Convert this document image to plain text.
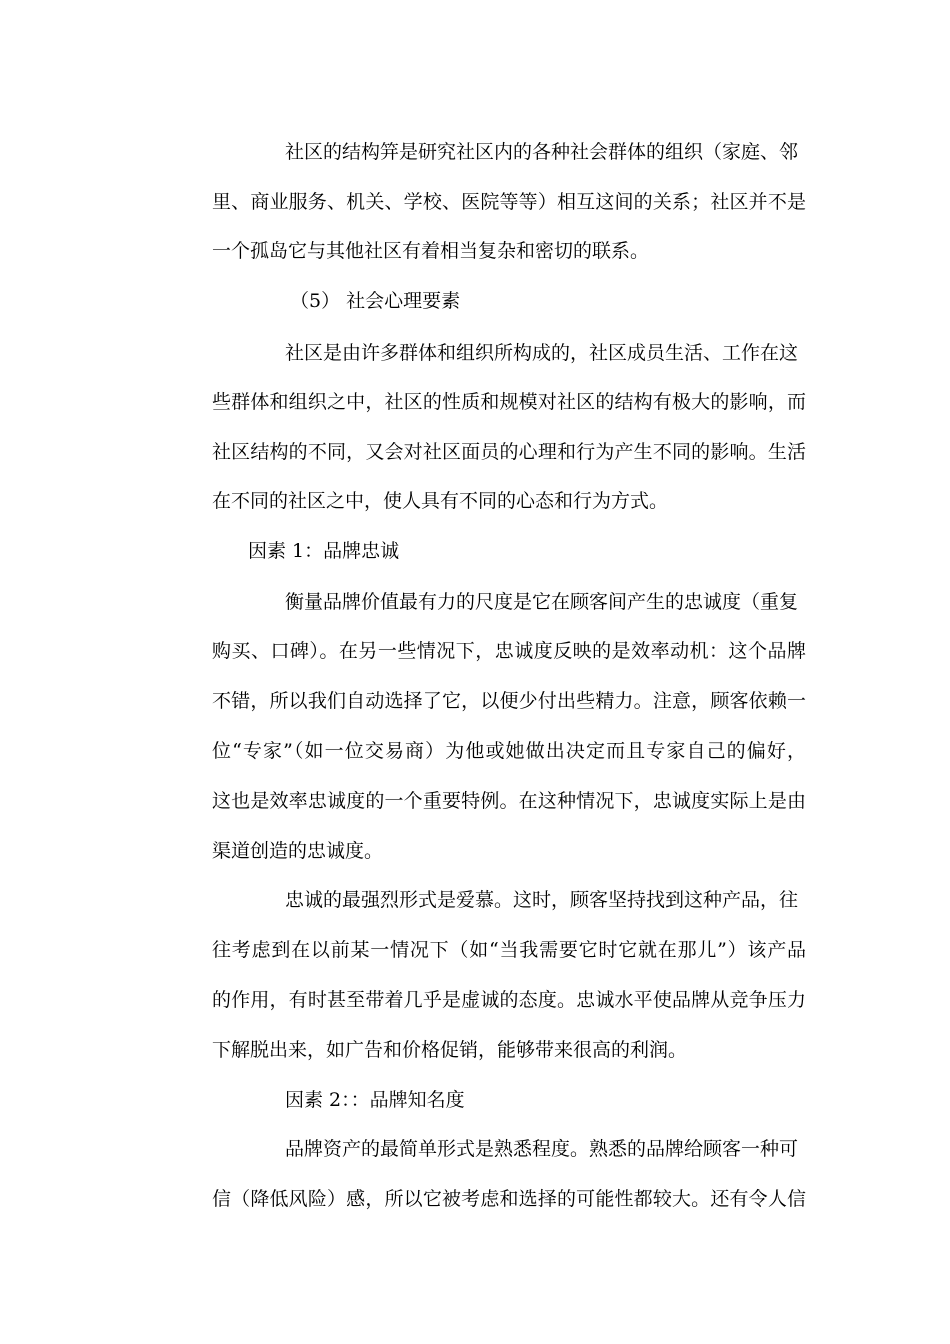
社区的结构笄是研究社区内的各种社会群体的组织（家庭、邻
里、商业服务、机关、学校、医院等等）相互这间的关系；社区并不是
一个孤岛它与其他社区有着相当复杂和密切的联系。
（5） 社会心理要素
社区是由许多群体和组织所构成的，社区成员生活、工作在这
些群体和组织之中，社区的性质和规模对社区的结构有极大的影响，而
社区结构的不同，又会对社区面员的心理和行为产生不同的影响。生活
在不同的社区之中，使人具有不同的心态和行为方式。
因素 1：品牌忠诚
衡量品牌价值最有力的尺度是它在顾客间产生的忠诚度（重复
购买、口碑）。在另一些情况下，忠诚度反映的是效率动机：这个品牌
不错，所以我们自动选择了它，以便少付出些精力。注意，顾客依赖一
位“专家”（如一位交易商）为他或她做出决定而且专家自己的偏好，
这也是效率忠诚度的一个重要特例。在这种情况下，忠诚度实际上是由
渠道创造的忠诚度。
忠诚的最强烈形式是爱慕。这时，顾客坚持找到这种产品，往
往考虑到在以前某一情况下（如“当我需要它时它就在那儿”）该产品
的作用，有时甚至带着几乎是虚诚的态度。忠诚水平使品牌从竞争压力
下解脱出来，如广告和价格促销，能够带来很高的利润。
因素 2：：品牌知名度
品牌资产的最简单形式是熟悉程度。熟悉的品牌给顾客一种可
信（降低风险）感，所以它被考虑和选择的可能性都较大。还有令人信
